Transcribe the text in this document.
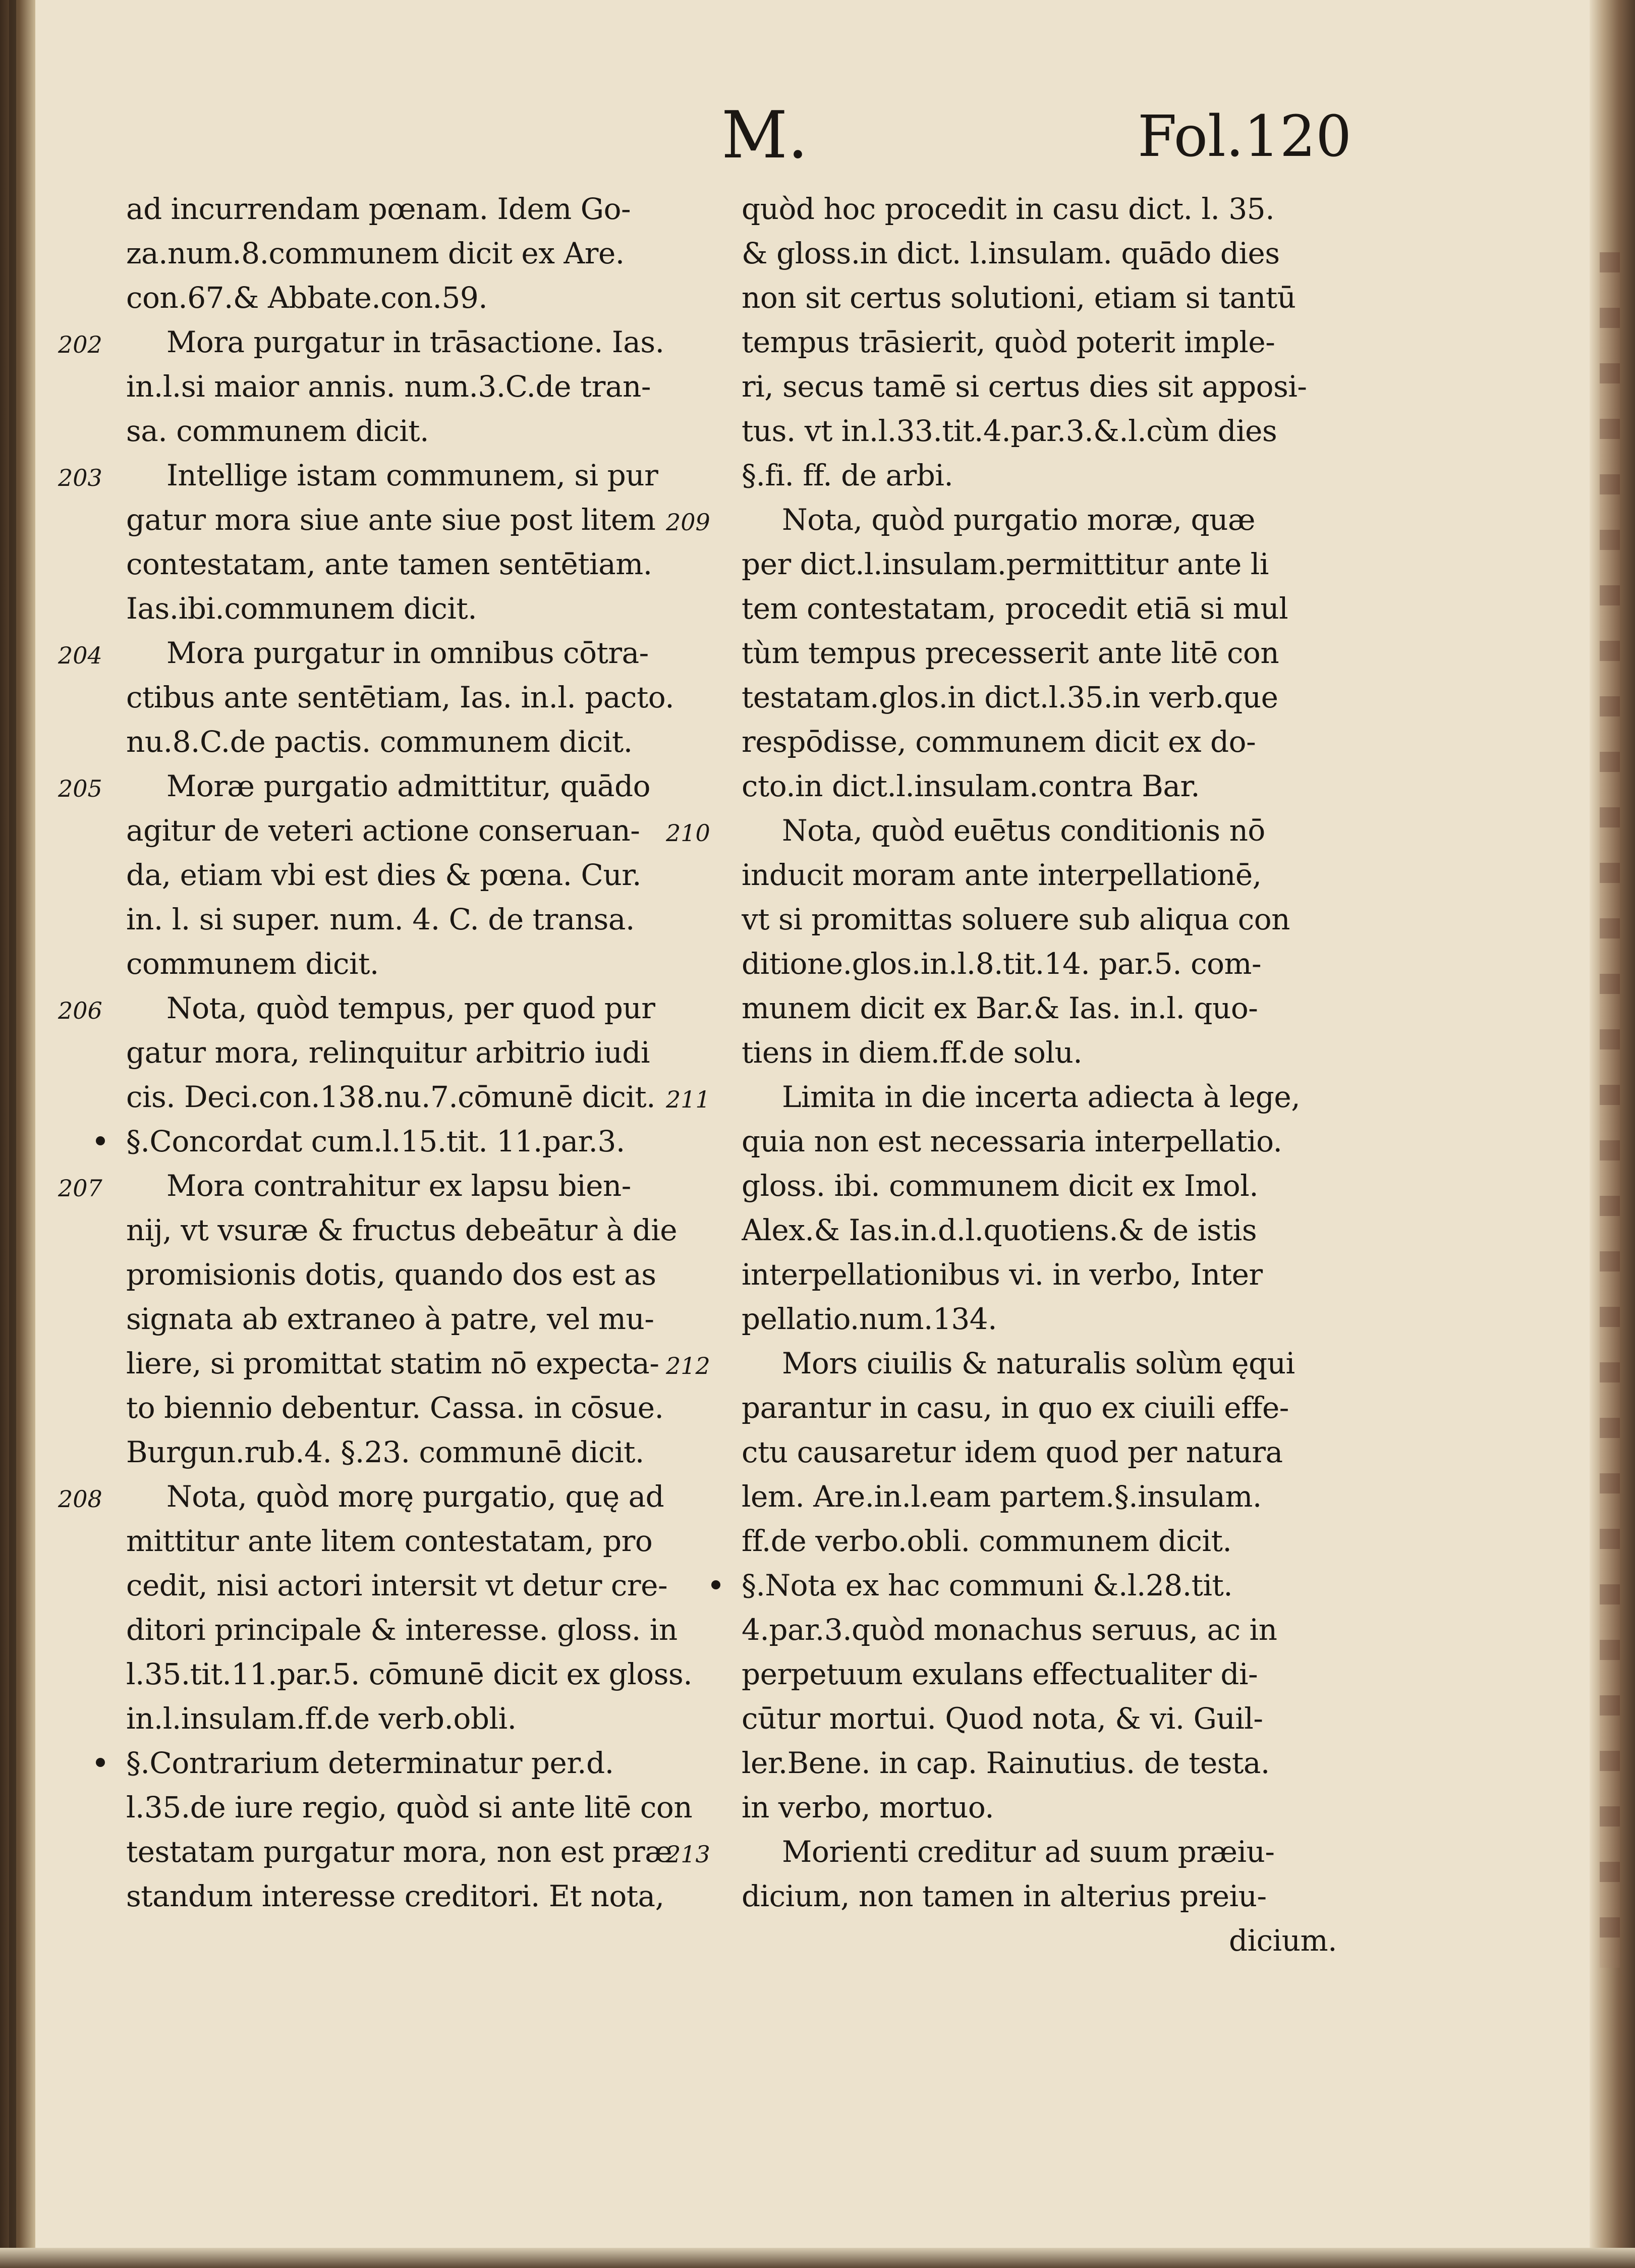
M.	Fol.120
ad incurrendam pœnam. Idem Go-
za.num.8.communem dicit ex Are.
con.67.& Abbate.con.59.
202	Mora purgatur in trāsactione. Ias.
in.l.si maior annis. num.3.C.de tran-
sa. communem dicit.
203	Intellige istam communem, si pur
gatur mora siue ante siue post litem
contestatam, ante tamen sentētiam.
Ias.ibi.communem dicit.
204	Mora purgatur in omnibus cōtra-
ctibus ante sentētiam, Ias. in.l. pacto.
nu.8.C.de pactis. communem dicit.
205	Moræ purgatio admittitur, quādo
agitur de veteri actione conseruan-
da, etiam vbi est dies & pœna. Cur.
in. l. si super. num. 4. C. de transa.
communem dicit.
206	Nota, quòd tempus, per quod pur
gatur mora, relinquitur arbitrio iudi
cis. Deci.con.138.nu.7.cōmunē dicit.
§.Concordat cum.l.15.tit. 11.par.3.
207	Mora contrahitur ex lapsu bien-
nij, vt vsuræ & fructus debeātur à die
promisionis dotis, quando dos est as
signata ab extraneo à patre, vel mu-
liere, si promittat statim nō expecta-
to biennio debentur. Cassa. in cōsue.
Burgun.rub.4. §.23. communē dicit.
208	Nota, quòd morę purgatio, quę ad
mittitur ante litem contestatam, pro
cedit, nisi actori intersit vt detur cre-
ditori principale & interesse. gloss. in
l.35.tit.11.par.5. cōmunē dicit ex gloss.
in.l.insulam.ff.de verb.obli.
§.Contrarium determinatur per.d.
l.35.de iure regio, quòd si ante litē con
testatam purgatur mora, non est præ
standum interesse creditori. Et nota,
quòd hoc procedit in casu dict. l. 35.
& gloss.in dict. l.insulam. quādo dies
non sit certus solutioni, etiam si tantū
tempus trāsierit, quòd poterit imple-
ri, secus tamē si certus dies sit apposi-
tus. vt in.l.33.tit.4.par.3.&.l.cùm dies
§.fi. ff. de arbi.
209	Nota, quòd purgatio moræ, quæ
per dict.l.insulam.permittitur ante li
tem contestatam, procedit etiā si mul
tùm tempus precesserit ante litē con
testatam.glos.in dict.l.35.in verb.que
respōdisse, communem dicit ex do-
cto.in dict.l.insulam.contra Bar.
210	Nota, quòd euētus conditionis nō
inducit moram ante interpellationē,
vt si promittas soluere sub aliqua con
ditione.glos.in.l.8.tit.14. par.5. com-
munem dicit ex Bar.& Ias. in.l. quo-
tiens in diem.ff.de solu.
211	Limita in die incerta adiecta à lege,
quia non est necessaria interpellatio.
gloss. ibi. communem dicit ex Imol.
Alex.& Ias.in.d.l.quotiens.& de istis
interpellationibus vi. in verbo, Inter
pellatio.num.134.
212	Mors ciuilis & naturalis solùm ęqui
parantur in casu, in quo ex ciuili effe-
ctu causaretur idem quod per natura
lem. Are.in.l.eam partem.§.insulam.
ff.de verbo.obli. communem dicit.
§.Nota ex hac communi &.l.28.tit.
4.par.3.quòd monachus seruus, ac in
perpetuum exulans effectualiter di-
cūtur mortui. Quod nota, & vi. Guil-
ler.Bene. in cap. Rainutius. de testa.
in verbo, mortuo.
213	Morienti creditur ad suum præiu-
dicium, non tamen in alterius preiu-
dicium.
